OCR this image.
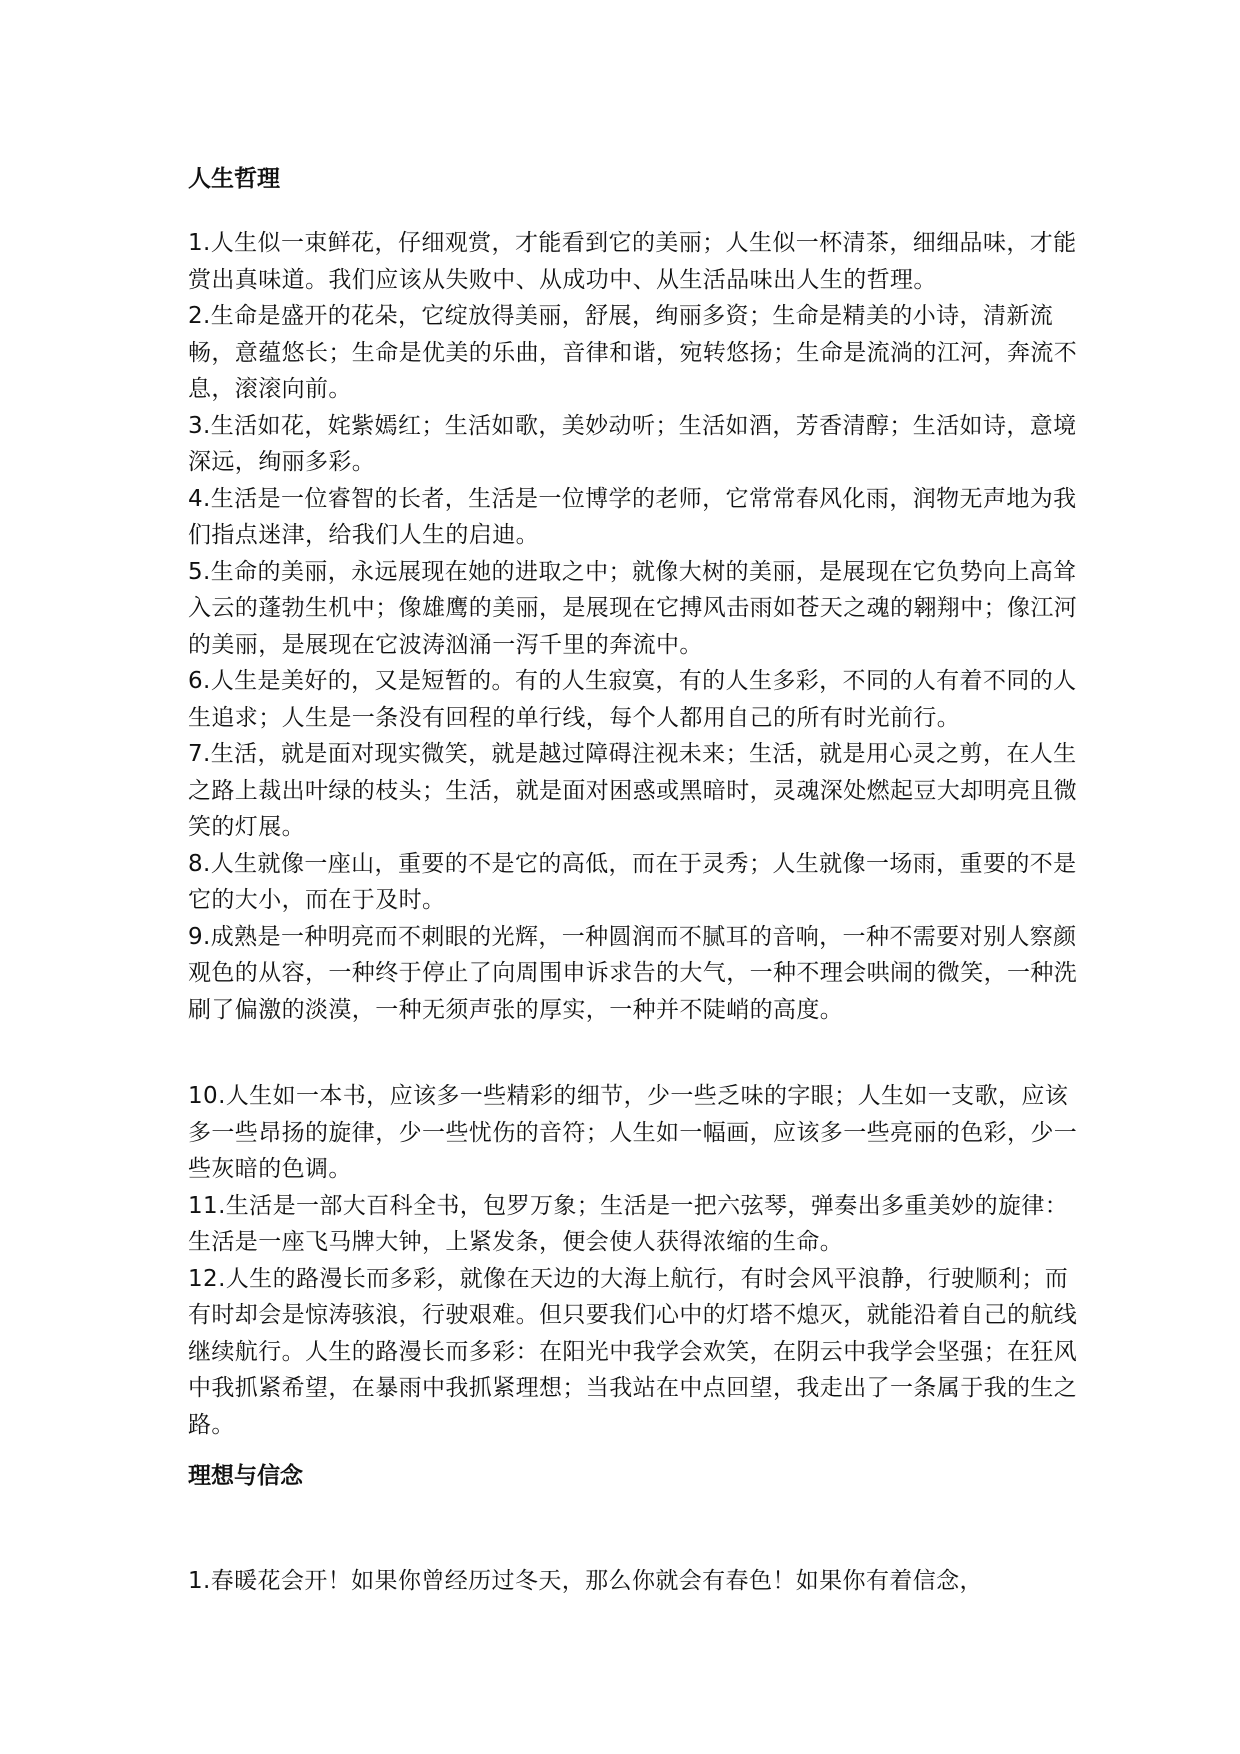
人生哲理

1.人生似一束鲜花，仔细观赏，才能看到它的美丽；人生似一杯清茶，细细品味，才能赏出真味道。我们应该从失败中、从成功中、从生活品味出人生的哲理。

2.生命是盛开的花朵，它绽放得美丽，舒展，绚丽多资；生命是精美的小诗，清新流畅，意蕴悠长；生命是优美的乐曲，音律和谐，宛转悠扬；生命是流淌的江河，奔流不息，滚滚向前。

3.生活如花，姹紫嫣红；生活如歌，美妙动听；生活如酒，芳香清醇；生活如诗，意境深远，绚丽多彩。

4.生活是一位睿智的长者，生活是一位博学的老师，它常常春风化雨，润物无声地为我们指点迷津，给我们人生的启迪。

5.生命的美丽，永远展现在她的进取之中；就像大树的美丽，是展现在它负势向上高耸入云的蓬勃生机中；像雄鹰的美丽，是展现在它搏风击雨如苍天之魂的翱翔中；像江河的美丽，是展现在它波涛汹涌一泻千里的奔流中。

6.人生是美好的，又是短暂的。有的人生寂寞，有的人生多彩，不同的人有着不同的人生追求；人生是一条没有回程的单行线，每个人都用自己的所有时光前行。

7.生活，就是面对现实微笑，就是越过障碍注视未来；生活，就是用心灵之剪，在人生之路上裁出叶绿的枝头；生活，就是面对困惑或黑暗时，灵魂深处燃起豆大却明亮且微笑的灯展。

8.人生就像一座山，重要的不是它的高低，而在于灵秀；人生就像一场雨，重要的不是它的大小，而在于及时。

9.成熟是一种明亮而不刺眼的光辉，一种圆润而不腻耳的音响，一种不需要对别人察颜观色的从容，一种终于停止了向周围申诉求告的大气，一种不理会哄闹的微笑，一种洗刷了偏激的淡漠，一种无须声张的厚实，一种并不陡峭的高度。

10.人生如一本书，应该多一些精彩的细节，少一些乏味的字眼；人生如一支歌，应该多一些昂扬的旋律，少一些忧伤的音符；人生如一幅画，应该多一些亮丽的色彩，少一些灰暗的色调。

11.生活是一部大百科全书，包罗万象；生活是一把六弦琴，弹奏出多重美妙的旋律：生活是一座飞马牌大钟，上紧发条，便会使人获得浓缩的生命。

12.人生的路漫长而多彩，就像在天边的大海上航行，有时会风平浪静，行驶顺利；而有时却会是惊涛骇浪，行驶艰难。但只要我们心中的灯塔不熄灭，就能沿着自己的航线继续航行。人生的路漫长而多彩：在阳光中我学会欢笑，在阴云中我学会坚强；在狂风中我抓紧希望，在暴雨中我抓紧理想；当我站在中点回望，我走出了一条属于我的生之路。

理想与信念

1.春暖花会开！如果你曾经历过冬天，那么你就会有春色！如果你有着信念，
